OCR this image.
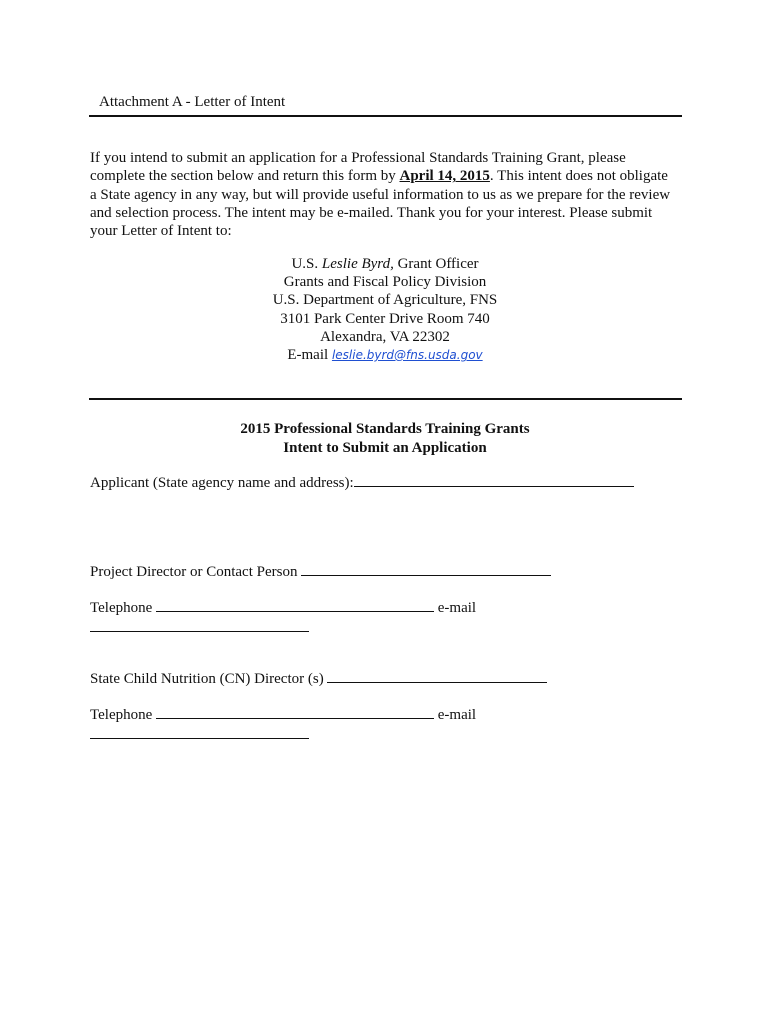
Attachment A - Letter of Intent

If you intend to submit an application for a Professional Standards Training Grant, please

complete the section below and return this form by April 14, 2015. This intent does not obligate

a State agency in any way, but will provide useful information to us as we prepare for the review

and selection process. The intent may be e-mailed. Thank you for your interest. Please submit

your Letter of Intent to:

U.S. Leslie Byrd, Grant Officer
Grants and Fiscal Policy Division
U.S. Department of Agriculture, FNS
3101 Park Center Drive Room 740
Alexandra, VA 22302
E-mail leslie.byrd@fns.usda.gov
2015 Professional Standards Training Grants
Intent to Submit an Application
Applicant (State agency name and address):
Project Director or Contact Person
Telephone	e-mail
State Child Nutrition (CN) Director (s)
Telephone	e-mail
